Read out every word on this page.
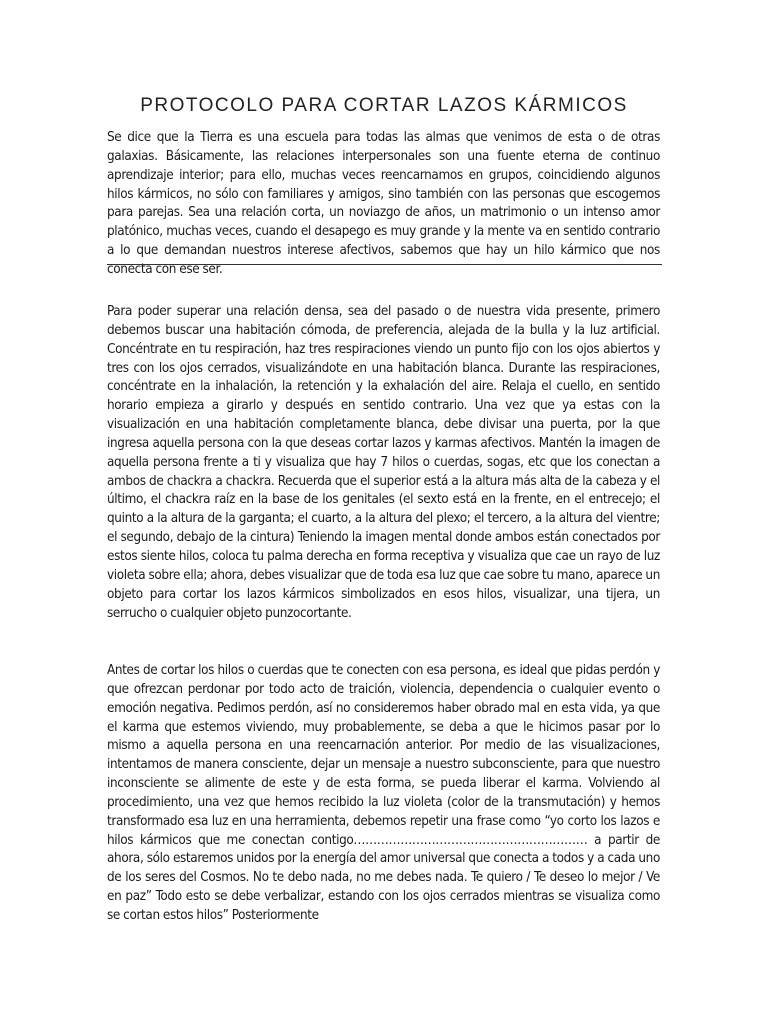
PROTOCOLO PARA CORTAR LAZOS KÁRMICOS

Se dice que la Tierra es una escuela para todas las almas que venimos de esta o de otras galaxias. Básicamente, las relaciones interpersonales son una fuente eterna de continuo aprendizaje interior; para ello, muchas veces reencarnamos en grupos, coincidiendo algunos hilos kármicos, no sólo con familiares y amigos, sino también con las personas que escogemos para parejas. Sea una relación corta, un noviazgo de años, un matrimonio o un intenso amor platónico, muchas veces, cuando el desapego es muy grande y la mente va en sentido contrario a lo que demandan nuestros interese afectivos, sabemos que hay un hilo kármico que nos conecta con ese ser.

Para poder superar una relación densa, sea del pasado o de nuestra vida presente, primero debemos buscar una habitación cómoda, de preferencia, alejada de la bulla y la luz artificial. Concéntrate en tu respiración, haz tres respiraciones viendo un punto fijo con los ojos abiertos y tres con los ojos cerrados, visualizándote en una habitación blanca. Durante las respiraciones, concéntrate en la inhalación, la retención y la exhalación del aire. Relaja el cuello, en sentido horario empieza a girarlo y después en sentido contrario. Una vez que ya estas con la visualización en una habitación completamente blanca, debe divisar una puerta, por la que ingresa aquella persona con la que deseas cortar lazos y karmas afectivos. Mantén la imagen de aquella persona frente a ti y visualiza que hay 7 hilos o cuerdas, sogas, etc que los conectan a ambos de chackra a chackra. Recuerda que el superior está a la altura más alta de la cabeza y el último, el chackra raíz en la base de los genitales (el sexto está en la frente, en el entrecejo; el quinto a la altura de la garganta; el cuarto, a la altura del plexo; el tercero, a la altura del vientre; el segundo, debajo de la cintura) Teniendo la imagen mental donde ambos están conectados por estos siente hilos, coloca tu palma derecha en forma receptiva y visualiza que cae un rayo de luz violeta sobre ella; ahora, debes visualizar que de toda esa luz que cae sobre tu mano, aparece un objeto para cortar los lazos kármicos simbolizados en esos hilos, visualizar, una tijera, un serrucho o cualquier objeto punzocortante.

Antes de cortar los hilos o cuerdas que te conecten con esa persona, es ideal que pidas perdón y que ofrezcan perdonar por todo acto de traición, violencia, dependencia o cualquier evento o emoción negativa. Pedimos perdón, así no consideremos haber obrado mal en esta vida, ya que el karma que estemos viviendo, muy probablemente, se deba a que le hicimos pasar por lo mismo a aquella persona en una reencarnación anterior. Por medio de las visualizaciones, intentamos de manera consciente, dejar un mensaje a nuestro subconsciente, para que nuestro inconsciente se alimente de este y de esta forma, se pueda liberar el karma. Volviendo al procedimiento, una vez que hemos recibido la luz violeta (color de la transmutación) y hemos transformado esa luz en una herramienta, debemos repetir una frase como “yo corto los lazos e hilos kármicos que me conectan contigo…………………………………………………… a partir de ahora, sólo estaremos unidos por la energía del amor universal que conecta a todos y a cada uno de los seres del Cosmos. No te debo nada, no me debes nada. Te quiero / Te deseo lo mejor / Ve en paz” Todo esto se debe verbalizar, estando con los ojos cerrados mientras se visualiza como se cortan estos hilos” Posteriormente
